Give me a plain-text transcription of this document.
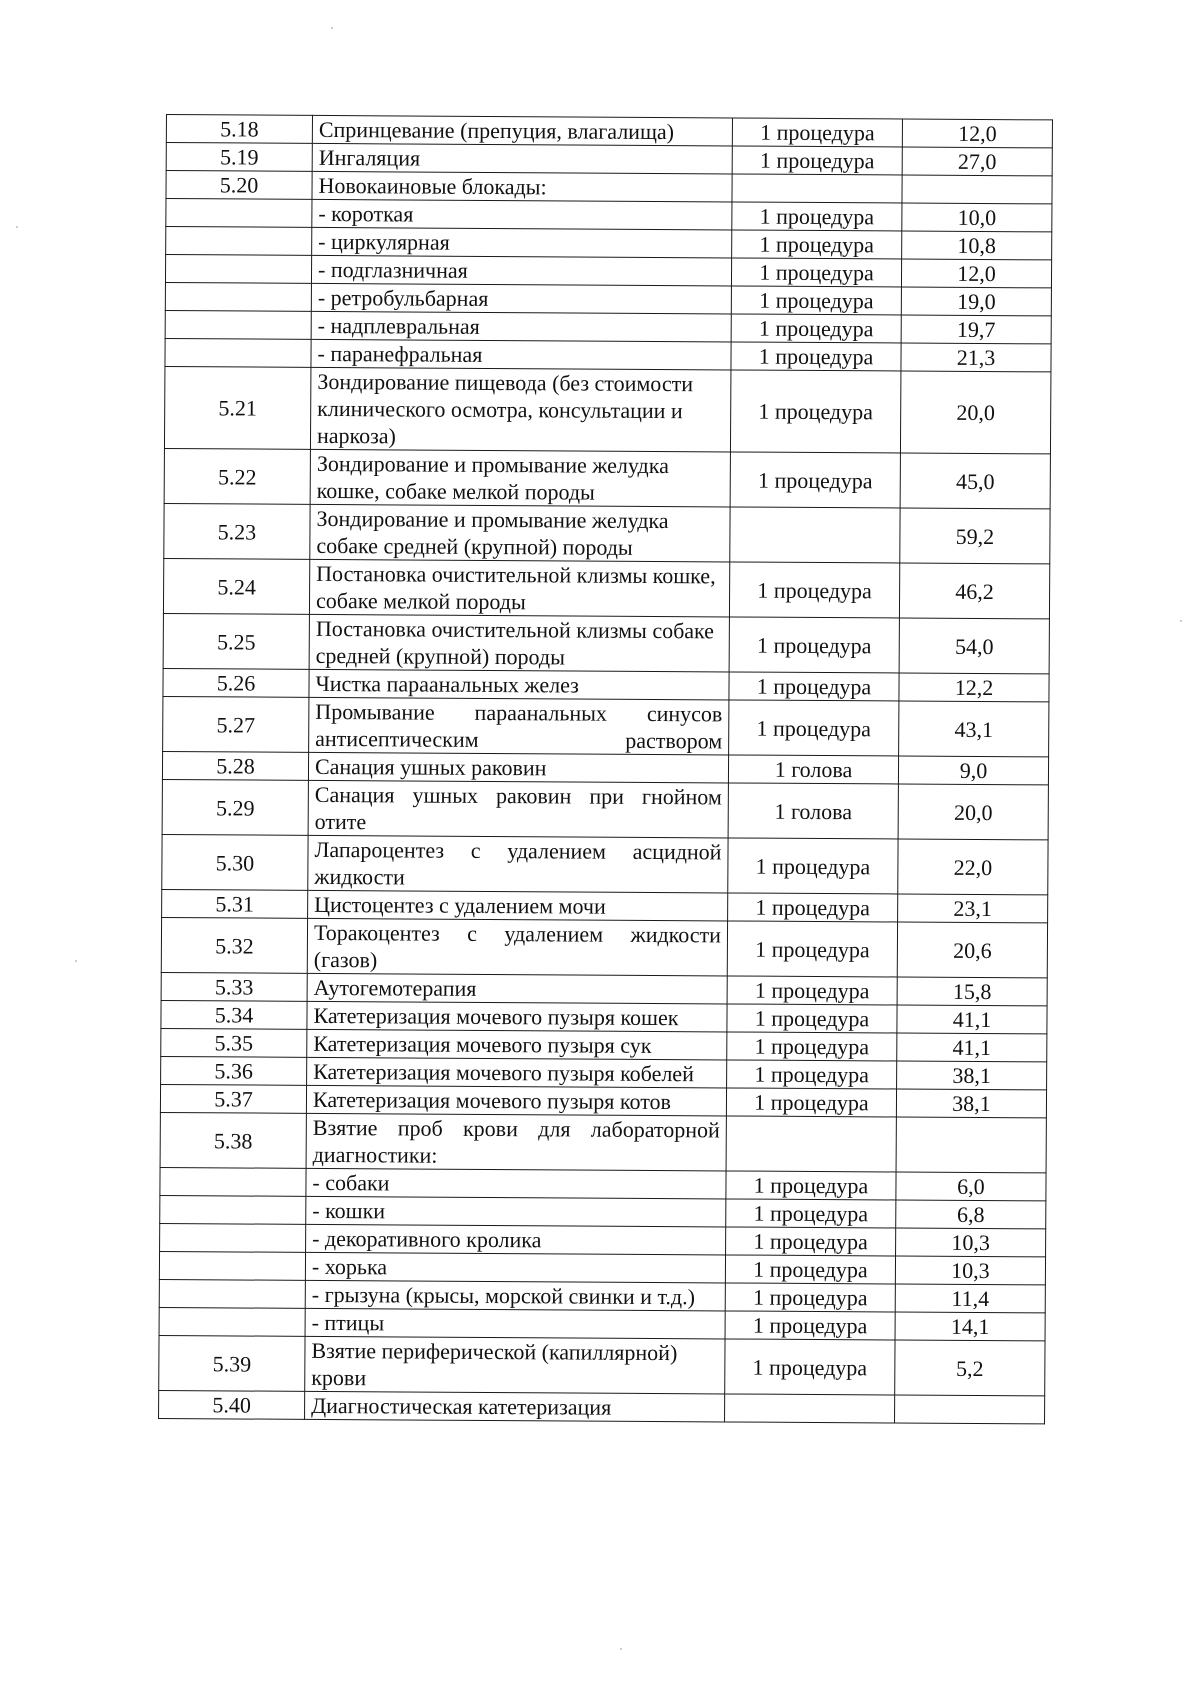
5.18	Спринцевание (препуция, влагалища)	1 процедура	12,0
5.19	Ингаляция	1 процедура	27,0
5.20	Новокаиновые блокады:		
	- короткая	1 процедура	10,0
	- циркулярная	1 процедура	10,8
	- подглазничная	1 процедура	12,0
	- ретробульбарная	1 процедура	19,0
	- надплевральная	1 процедура	19,7
	- паранефральная	1 процедура	21,3
5.21	Зондирование пищевода (без стоимости клинического осмотра, консультации и наркоза)	1 процедура	20,0
5.22	Зондирование и промывание желудка кошке, собаке мелкой породы	1 процедура	45,0
5.23	Зондирование и промывание желудка собаке средней (крупной) породы		59,2
5.24	Постановка очистительной клизмы кошке, собаке мелкой породы	1 процедура	46,2
5.25	Постановка очистительной клизмы собаке средней (крупной) породы	1 процедура	54,0
5.26	Чистка параанальных желез	1 процедура	12,2
5.27	Промывание параанальных синусов антисептическим раствором	1 процедура	43,1
5.28	Санация ушных раковин	1 голова	9,0
5.29	Санация ушных раковин при гнойном отите	1 голова	20,0
5.30	Лапароцентез с удалением асцидной жидкости	1 процедура	22,0
5.31	Цистоцентез с удалением мочи	1 процедура	23,1
5.32	Торакоцентез с удалением жидкости (газов)	1 процедура	20,6
5.33	Аутогемотерапия	1 процедура	15,8
5.34	Катетеризация мочевого пузыря кошек	1 процедура	41,1
5.35	Катетеризация мочевого пузыря сук	1 процедура	41,1
5.36	Катетеризация мочевого пузыря кобелей	1 процедура	38,1
5.37	Катетеризация мочевого пузыря котов	1 процедура	38,1
5.38	Взятие проб крови для лабораторной диагностики:		
	- собаки	1 процедура	6,0
	- кошки	1 процедура	6,8
	- декоративного кролика	1 процедура	10,3
	- хорька	1 процедура	10,3
	- грызуна (крысы, морской свинки и т.д.)	1 процедура	11,4
	- птицы	1 процедура	14,1
5.39	Взятие периферической (капиллярной) крови	1 процедура	5,2
5.40	Диагностическая катетеризация		
